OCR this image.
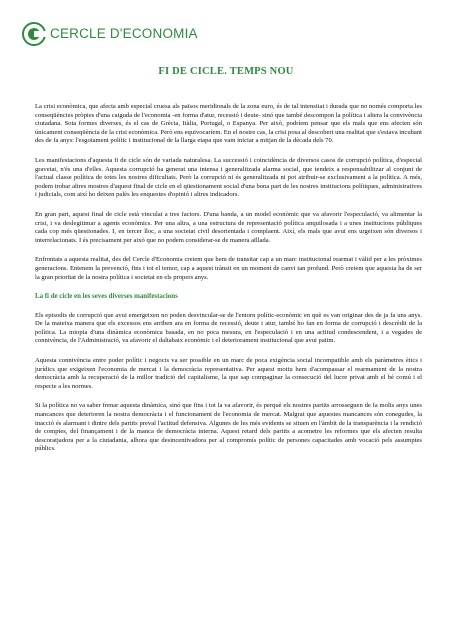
CERCLE D'ECONOMIA
FI DE CICLE. TEMPS NOU

La crisi econòmica, que afecta amb especial cruesa als països meridionals de la zona euro, és de tal intensitat i durada que no només comporta les conseqüències pròpies d'una caiguda de l'economia -en forma d'atur, recessió i deute- sinó que també descompon la política i altera la convivència ciutadana. Sota formes diverses, és el cas de Grècia, Itàlia, Portugal, o Espanya. Per això, podríem pensar que els mals que ens afecten són únicament conseqüència de la crisi econòmica. Però ens equivocaríem. En el nostre cas, la crisi posa al descobert una realitat que s'estava incubant des de fa anys: l'esgotament polític i institucional de la llarga etapa que vam iniciar a mitjan de la dècada dels 70.

Les manifestacions d'aquesta fi de cicle són de variada naturalesa. La successió i coincidència de diversos casos de corrupció política, d'especial gravetat, n'és una d'elles. Aquesta corrupció ha generat una intensa i generalitzada alarma social, que tendeix a responsabilitzar al conjunt de l'actual classe política de totes les nostres dificultats. Però la corrupció ni és generalitzada ni pot atribuir-se exclusivament a la política. A més, podem trobar altres mostres d'aquest final de cicle en el qüestionament social d'una bona part de les nostres institucions polítiques, administratives i judicials, com així ho deixen palès les enquestes d'opinió i altres indicadors.

En gran part, aquest final de cicle està vinculat a tres factors. D'una banda, a un model econòmic que va afavorir l'especulació, va alimentar la crisi, i va deslegitimar a agents econòmics. Per una altra, a una estructura de representació política anquilosada i a unes institucions públiques cada cop més qüestionades. I, en tercer lloc, a una societat civil desorientada i complaent. Així, els mals que avui ens urgeixen són diversos i interrelacionats. I és precisament per això que no podem considerar-se de manera aïllada.

Enfrontats a aquesta realitat, des del Cercle d'Economia creiem que hem de transitar cap a un marc institucional rearmat i vàlid per a les pròximes generacions. Entenem la prevenció, fins i tot el temor, cap a aquest trànsit en un moment de canvi tan profund. Però creiem que aquesta ha de ser la gran prioritat de la nostra política i societat en els propers anys.

La fi de cicle en les seves diverses manifestacions

Els episodis de corrupció que avui emergeixen no poden desvincular-se de l'entorn polític-econòmic en què es van originar des de ja fa uns anys. De la mateixa manera que els excessos ens arriben ara en forma de recessió, deute i atur, també ho fan en forma de corrupció i descrèdit de la política. La miopia d'una dinàmica econòmica basada, en no poca mesura, en l'especulació i en una actitud condescendent, i a vegades de connivència, de l'Administració, va afavorir el daltabaix econòmic i el deteriorament institucional que avui patim.

Aquesta connivència entre poder polític i negocis va ser possible en un marc de poca exigència social incompatible amb els paràmetres ètics i jurídics que exigeixen l'economia de mercat i la democràcia representativa. Per aquest motiu hem d'acompassar el rearmament de la nostra democràcia amb la recuperació de la millor tradició del capitalisme, la que sap compaginar la consecució del lucre privat amb el bé comú i el respecte a les normes.

Si la política no va saber frenar aquesta dinàmica, sinó que fins i tot la va afavorir, és perquè els nostres partits arrosseguen de fa molts anys unes mancances que deterioren la nostra democràcia i el funcionament de l'economia de mercat. Malgrat que aquestes mancances són conegudes, la inacció és alarmant i dintre dels partits preval l'actitud defensiva. Algunes de les més evidents se situen en l'àmbit de la transparència i la rendició de comptes, del finançament i de la manca de democràcia interna. Aquest retard dels partits a acometre les reformes que els afecten resulta descoratjadora per a la ciutadania, alhora que desincentivadora per al compromís polític de persones capacitades amb vocació pels assumptes públics.
